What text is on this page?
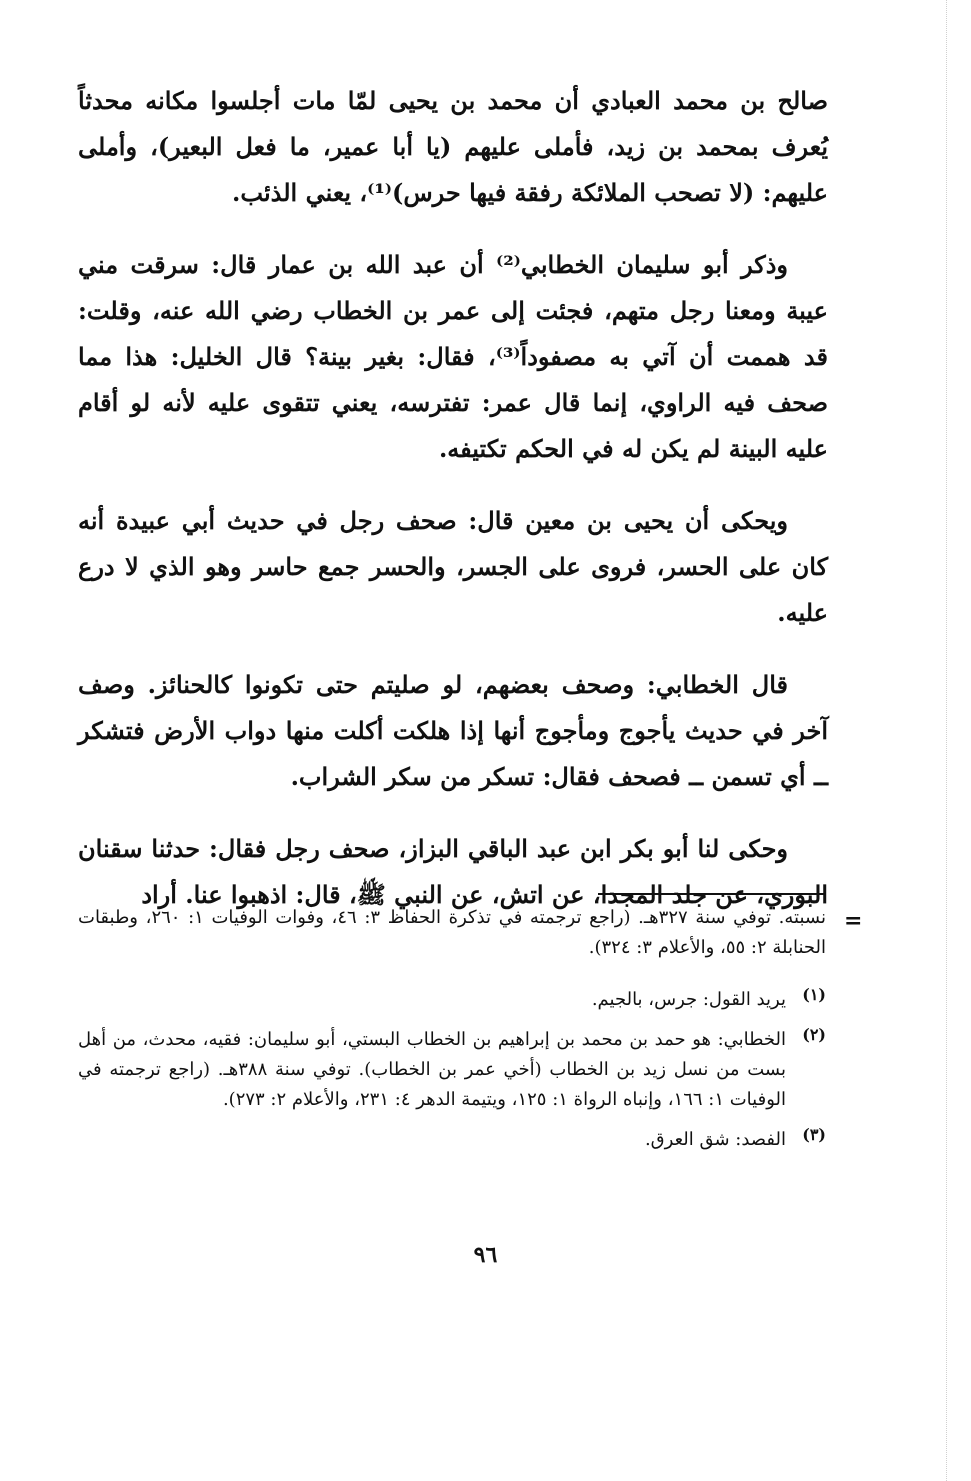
صالح بن محمد العبادي أن محمد بن يحيى لمّا مات أجلسوا مكانه محدثاً يُعرف بمحمد بن زيد، فأملى عليهم (يا أبا عمير، ما فعل البعير)، وأملى عليهم: (لا تصحب الملائكة رفقة فيها حرس)⁽¹⁾، يعني الذئب.

وذكر أبو سليمان الخطابي⁽²⁾ أن عبد الله بن عمار قال: سرقت مني عيبة ومعنا رجل متهم، فجئت إلى عمر بن الخطاب رضي الله عنه، وقلت: قد هممت أن آتي به مصفوداً⁽³⁾، فقال: بغير بينة؟ قال الخليل: هذا مما صحف فيه الراوي، إنما قال عمر: تفترسه، يعني تتقوى عليه لأنه لو أقام عليه البينة لم يكن له في الحكم تكتيفه.

ويحكى أن يحيى بن معين قال: صحف رجل في حديث أبي عبيدة أنه كان على الحسر، فروى على الجسر، والحسر جمع حاسر وهو الذي لا درع عليه.

قال الخطابي: وصحف بعضهم، لو صليتم حتى تكونوا كالحنائز. وصف آخر في حديث يأجوج ومأجوج أنها إذا هلكت أكلت منها دواب الأرض فتشكر ــ أي تسمن ــ فصحف فقال: تسكر من سكر الشراب.

وحكى لنا أبو بكر ابن عبد الباقي البزاز، صحف رجل فقال: حدثنا سقنان البوري، عن جلد المجدا، عن اتش، عن النبي ﷺ، قال: اذهبوا عنا. أراد

=

نسبته. توفي سنة ٣٢٧هـ. (راجع ترجمته في تذكرة الحفاظ ٣: ٤٦، وفوات الوفيات ١: ٢٦٠، وطبقات الحنابلة ٢: ٥٥، والأعلام ٣: ٣٢٤).

(١)

يريد القول: جرس، بالجيم.

(٢)

الخطابي: هو حمد بن محمد بن إبراهيم بن الخطاب البستي، أبو سليمان: فقيه، محدث، من أهل بست من نسل زيد بن الخطاب (أخي عمر بن الخطاب). توفي سنة ٣٨٨هـ. (راجع ترجمته في الوفيات ١: ١٦٦، وإنباه الرواة ١: ١٢٥، ويتيمة الدهر ٤: ٢٣١، والأعلام ٢: ٢٧٣).

(٣)

الفصد: شق العرق.

٩٦
